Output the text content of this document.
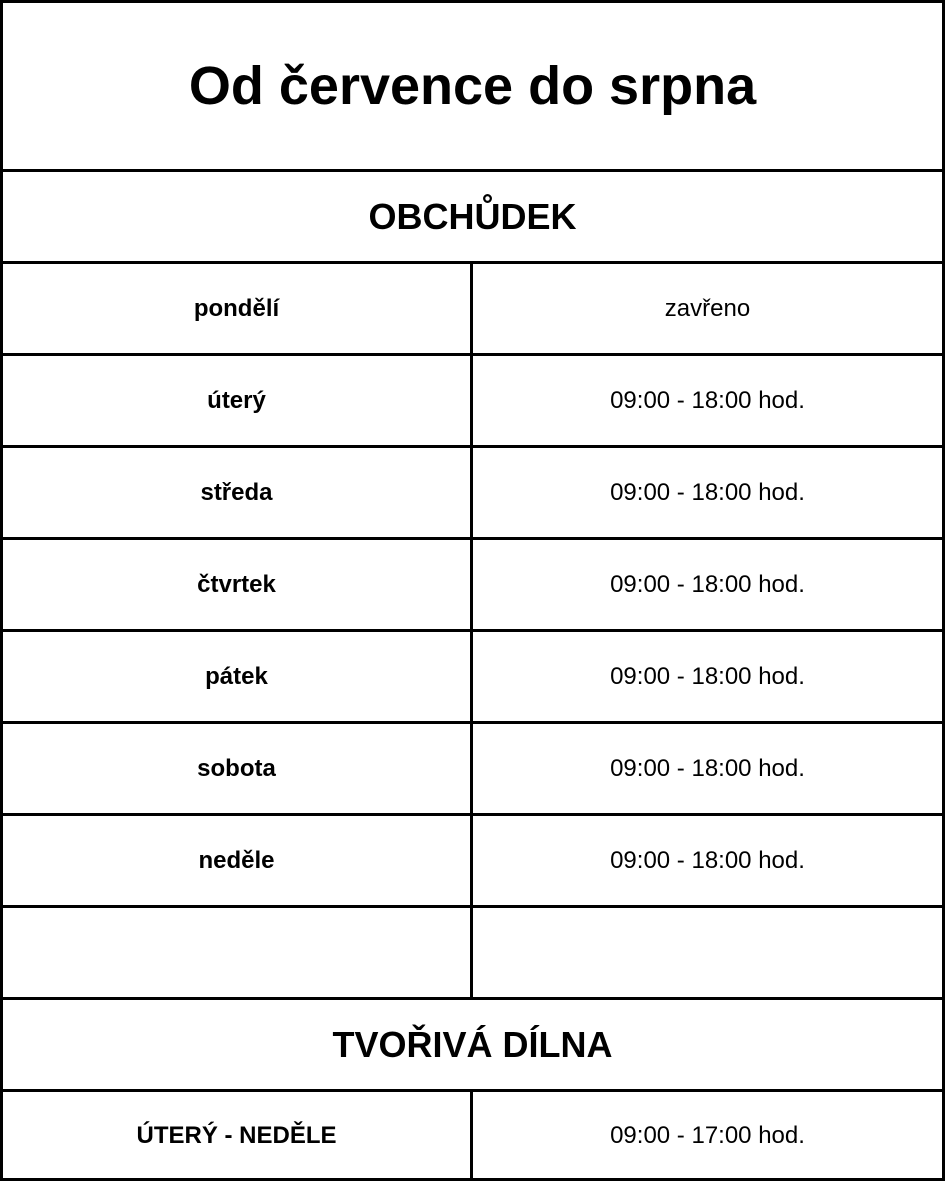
Od července do srpna
OBCHŮDEK
pondělí	zavřeno
úterý	09:00 - 18:00 hod.
středa	09:00 - 18:00 hod.
čtvrtek	09:00 - 18:00 hod.
pátek	09:00 - 18:00 hod.
sobota	09:00 - 18:00 hod.
neděle	09:00 - 18:00 hod.
TVOŘIVÁ DÍLNA
ÚTERÝ - NEDĚLE	09:00 - 17:00 hod.
